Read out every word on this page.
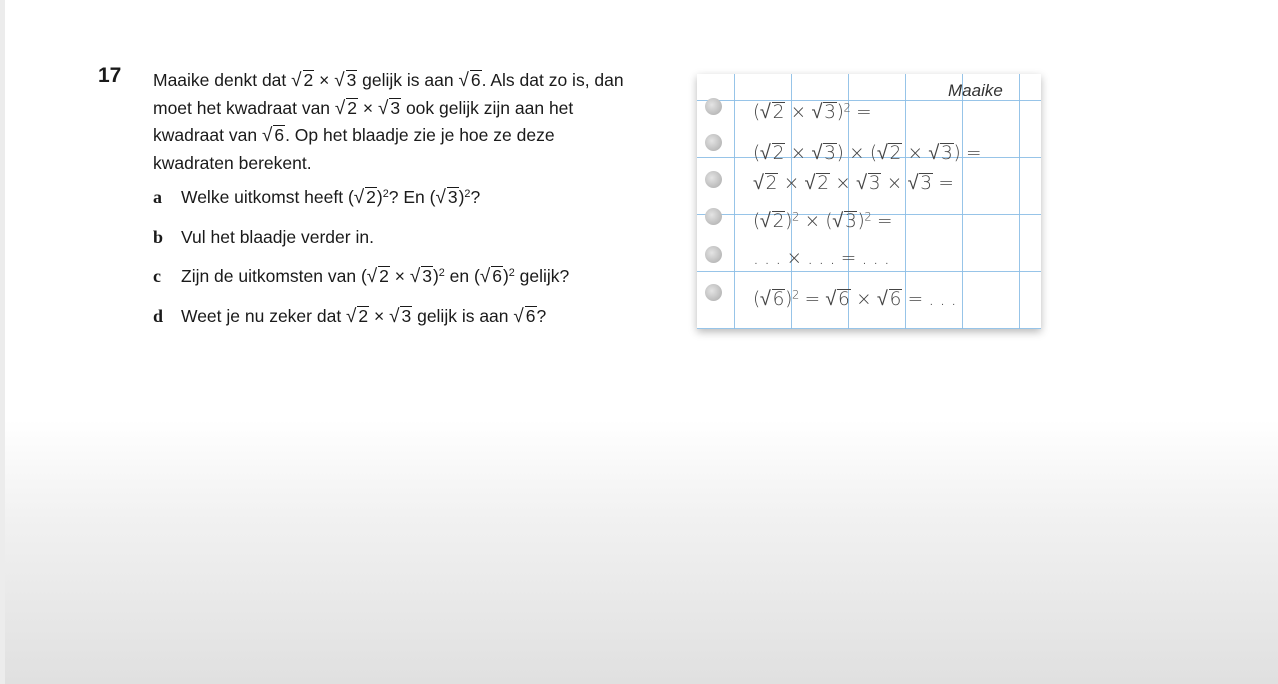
17 Maaike denkt dat √ 2 × √ 3 gelijk is aan √ 6. Als dat zo is, dan
moet het kwadraat van √ 2 × √ 3 ook gelijk zijn aan het
kwadraat van √ 6. Op het blaadje zie je hoe ze deze
kwadraten berekent.
a Welke uitkomst heeft (√ 2)$^2$? En (√ 3)$^2$?
b Vul het blaadje verder in.
c Zijn de uitkomsten van (√ 2 × √ 3)$^2$ en (√ 6)$^2$ gelijk?
d Weet je nu zeker dat √ 2 × √ 3 gelijk is aan √ 6?
Maaike
(√ 2 × √ 3)$^2$ =
(√ 2 × √ 3) × (√ 2 × √ 3) =
√ 2 × √ 2 × √ 3 × √ 3 =
(√ 2)$^2$ × (√ 3)$^2$ =
. . . × . . . = . . .
(√ 6)$^2$ = √ 6 × √ 6 = . . .
